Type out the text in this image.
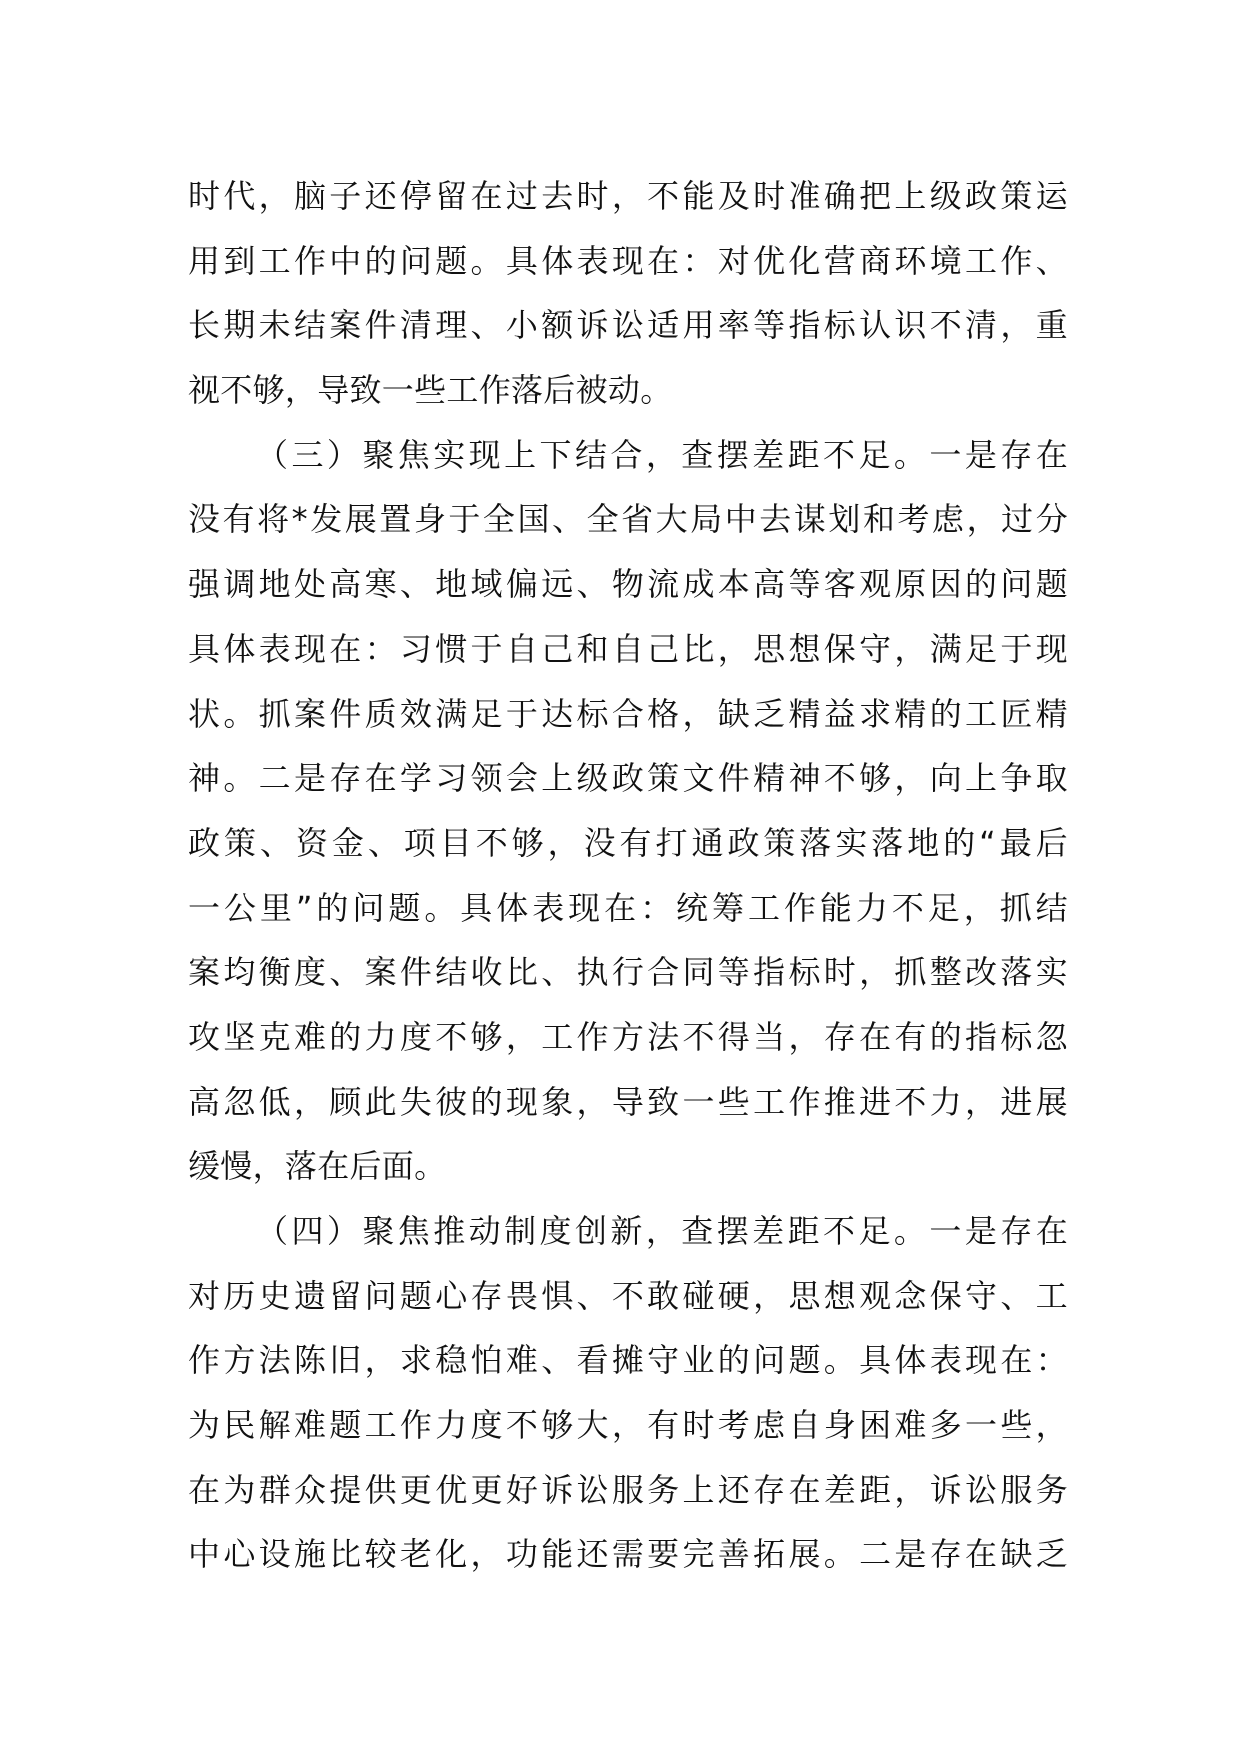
时代，脑子还停留在过去时，不能及时准确把上级政策运
用到工作中的问题。具体表现在：对优化营商环境工作、
长期未结案件清理、小额诉讼适用率等指标认识不清，重
视不够，导致一些工作落后被动。
（三）聚焦实现上下结合，查摆差距不足。一是存在
没有将*发展置身于全国、全省大局中去谋划和考虑，过分
强调地处高寒、地域偏远、物流成本高等客观原因的问题
具体表现在：习惯于自己和自己比，思想保守，满足于现
状。抓案件质效满足于达标合格，缺乏精益求精的工匠精
神。二是存在学习领会上级政策文件精神不够，向上争取
政策、资金、项目不够，没有打通政策落实落地的“最后
一公里”的问题。具体表现在：统筹工作能力不足，抓结
案均衡度、案件结收比、执行合同等指标时，抓整改落实
攻坚克难的力度不够，工作方法不得当，存在有的指标忽
高忽低，顾此失彼的现象，导致一些工作推进不力，进展
缓慢，落在后面。
（四）聚焦推动制度创新，查摆差距不足。一是存在
对历史遗留问题心存畏惧、不敢碰硬，思想观念保守、工
作方法陈旧，求稳怕难、看摊守业的问题。具体表现在：
为民解难题工作力度不够大，有时考虑自身困难多一些，
在为群众提供更优更好诉讼服务上还存在差距，诉讼服务
中心设施比较老化，功能还需要完善拓展。二是存在缺乏
